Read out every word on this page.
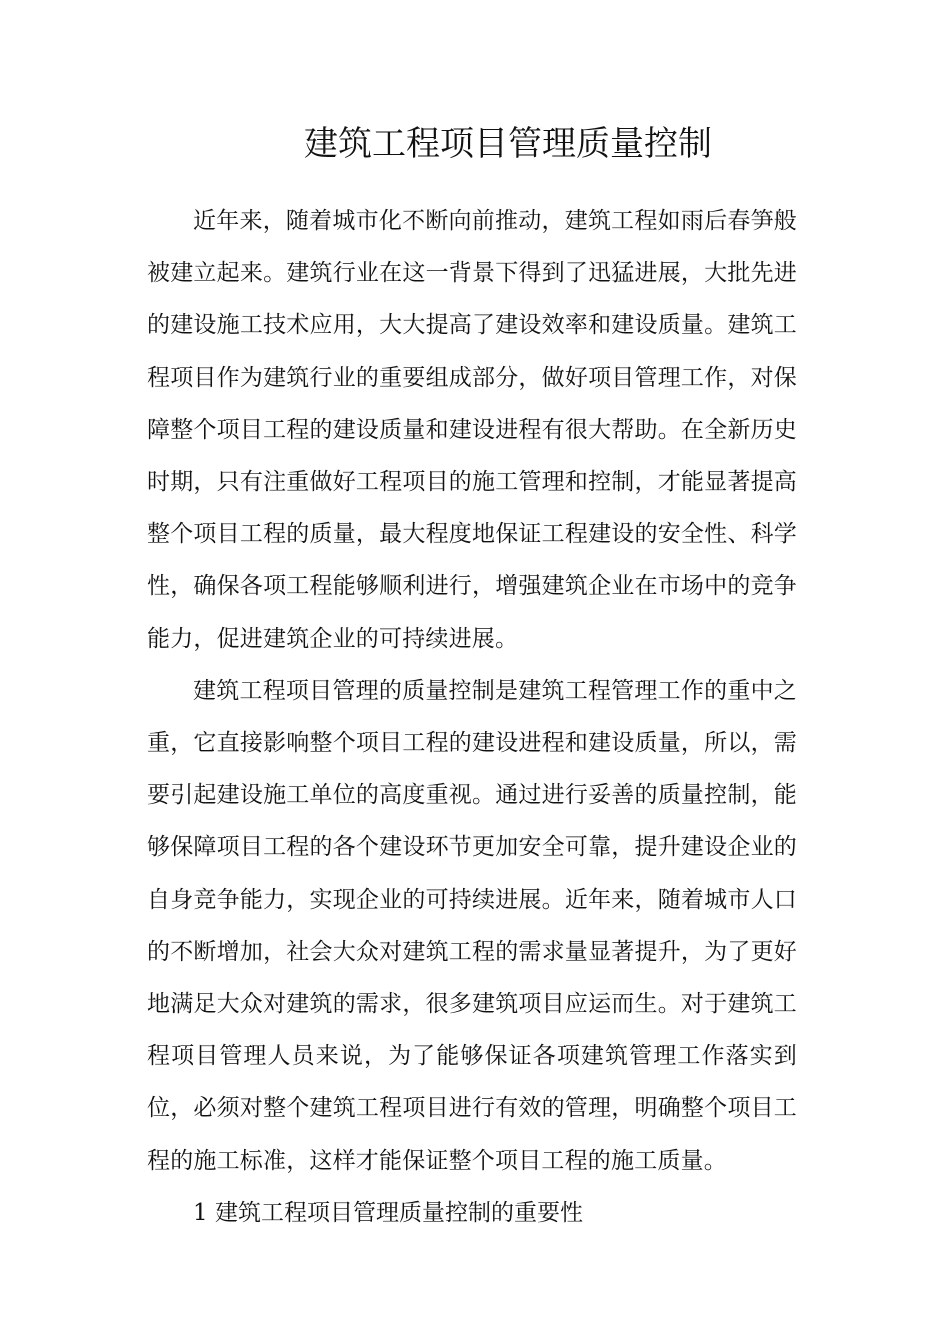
建筑工程项目管理质量控制

近年来，随着城市化不断向前推动，建筑工程如雨后春笋般被建立起来。建筑行业在这一背景下得到了迅猛进展，大批先进的建设施工技术应用，大大提高了建设效率和建设质量。建筑工程项目作为建筑行业的重要组成部分，做好项目管理工作，对保障整个项目工程的建设质量和建设进程有很大帮助。在全新历史时期，只有注重做好工程项目的施工管理和控制，才能显著提高整个项目工程的质量，最大程度地保证工程建设的安全性、科学性，确保各项工程能够顺利进行，增强建筑企业在市场中的竞争能力，促进建筑企业的可持续进展。

建筑工程项目管理的质量控制是建筑工程管理工作的重中之重，它直接影响整个项目工程的建设进程和建设质量，所以，需要引起建设施工单位的高度重视。通过进行妥善的质量控制，能够保障项目工程的各个建设环节更加安全可靠，提升建设企业的自身竞争能力，实现企业的可持续进展。近年来，随着城市人口的不断增加，社会大众对建筑工程的需求量显著提升，为了更好地满足大众对建筑的需求，很多建筑项目应运而生。对于建筑工程项目管理人员来说，为了能够保证各项建筑管理工作落实到位，必须对整个建筑工程项目进行有效的管理，明确整个项目工程的施工标准，这样才能保证整个项目工程的施工质量。

1 建筑工程项目管理质量控制的重要性
